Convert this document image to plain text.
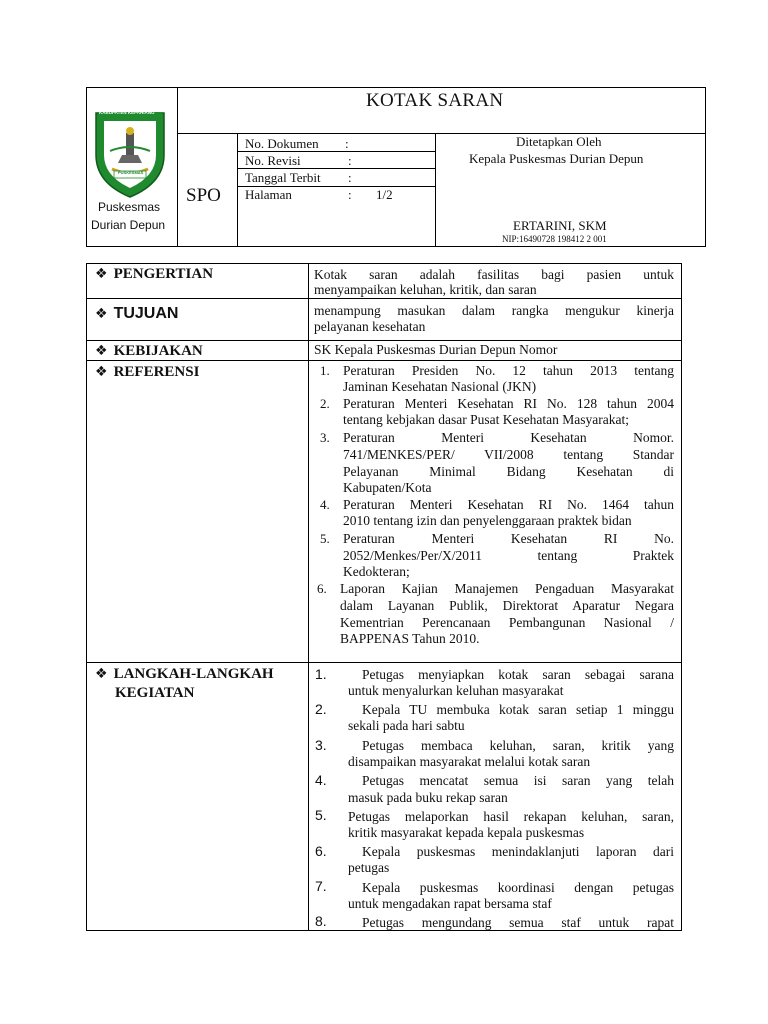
KABUPATEN KEPAHIANG
PUSKESMAS
Puskesmas
Durian Depun
KOTAK SARAN
SPO
No. Dokumen :
No. Revisi	:
Tanggal Terbit :
Halaman	: 1/2
Ditetapkan Oleh
Kepala Puskesmas Durian Depun
ERTARINI, SKM
NIP:16490728 198412 2 001
❖ PENGERTIAN	Kotak saran adalah fasilitas bagi pasien untuk
menyampaikan keluhan, kritik, dan saran
❖ TUJUAN	menampung masukan dalam rangka mengukur kinerja
pelayanan kesehatan
❖ KEBIJAKAN	SK Kepala Puskesmas Durian Depun Nomor
❖ REFERENSI	1. Peraturan Presiden No. 12 tahun 2013 tentang
Jaminan Kesehatan Nasional (JKN)
2. Peraturan Menteri Kesehatan RI No. 128 tahun 2004
tentang kebjakan dasar Pusat Kesehatan Masyarakat;
3. Peraturan Menteri Kesehatan Nomor.
741/MENKES/PER/ VII/2008 tentang Standar
Pelayanan Minimal Bidang Kesehatan di
Kabupaten/Kota
4. Peraturan Menteri Kesehatan RI No. 1464 tahun
2010 tentang izin dan penyelenggaraan praktek bidan
5. Peraturan Menteri Kesehatan RI No.
2052/Menkes/Per/X/2011 tentang Praktek
Kedokteran;
6. Laporan Kajian Manajemen Pengaduan Masyarakat
dalam Layanan Publik, Direktorat Aparatur Negara
Kementrian Perencanaan Pembangunan Nasional /
BAPPENAS Tahun 2010.
❖ LANGKAH-LANGKAH
KEGIATAN
1.	Petugas menyiapkan kotak saran sebagai sarana
untuk menyalurkan keluhan masyarakat
2.	Kepala TU membuka kotak saran setiap 1 minggu
sekali pada hari sabtu
3.	Petugas membaca keluhan, saran, kritik yang
disampaikan masyarakat melalui kotak saran
4.	Petugas mencatat semua isi saran yang telah
masuk pada buku rekap saran
5. Petugas melaporkan hasil rekapan keluhan, saran,
kritik masyarakat kepada kepala puskesmas
6.	Kepala puskesmas menindaklanjuti laporan dari
petugas
7.	Kepala puskesmas koordinasi dengan petugas
untuk mengadakan rapat bersama staf
8.	Petugas mengundang semua staf untuk rapat
